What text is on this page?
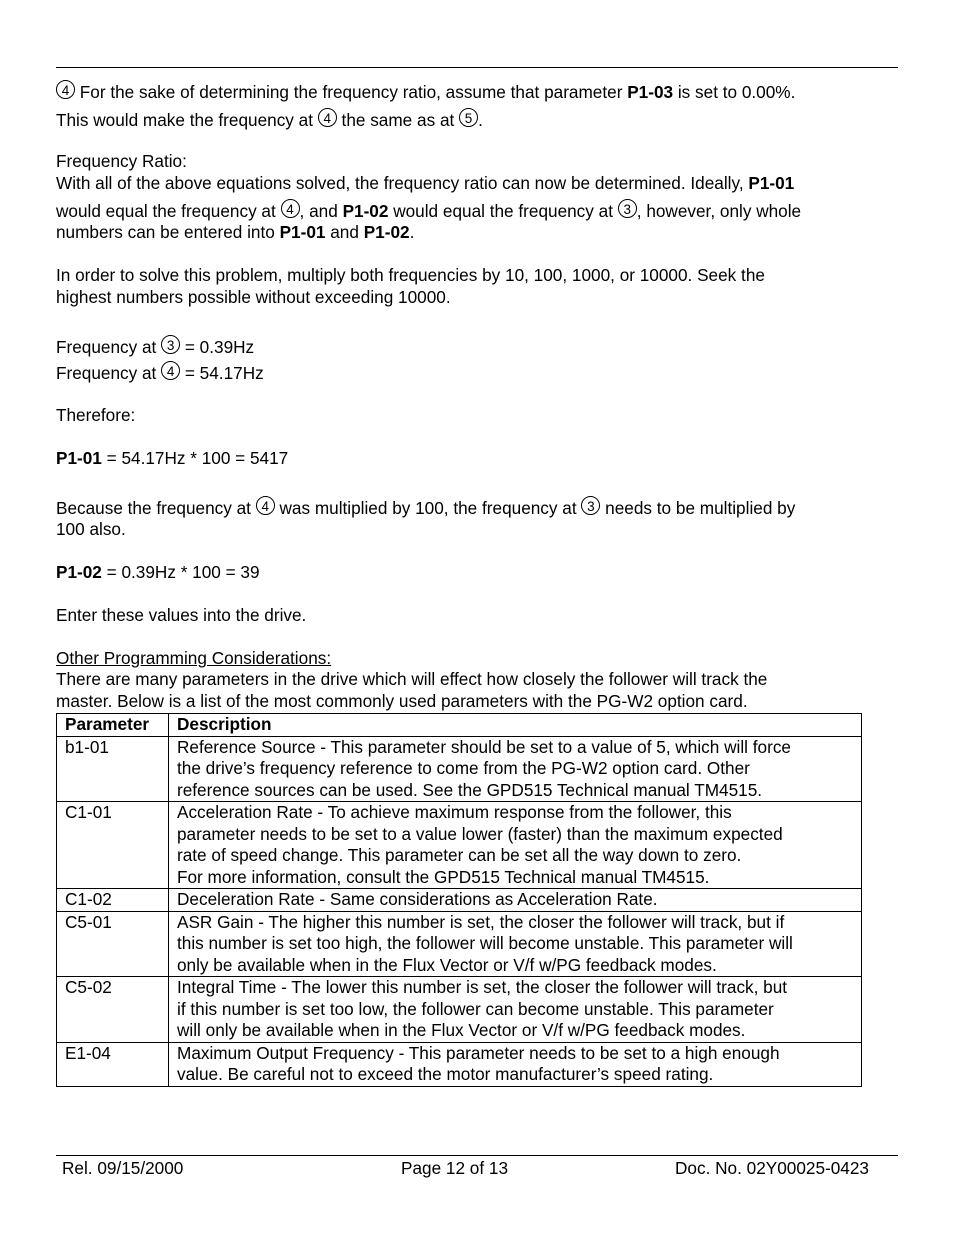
4 For the sake of determining the frequency ratio, assume that parameter P1-03 is set to 0.00%.
This would make the frequency at 4 the same as at 5 .
Frequency Ratio:
With all of the above equations solved, the frequency ratio can now be determined. Ideally, P1-01
would equal the frequency at 4 , and P1-02 would equal the frequency at 3 , however, only whole
numbers can be entered into P1-01 and P1-02.
In order to solve this problem, multiply both frequencies by 10, 100, 1000, or 10000. Seek the
highest numbers possible without exceeding 10000.
Frequency at 3 = 0.39Hz
Frequency at 4 = 54.17Hz
Therefore:
P1-01 = 54.17Hz * 100 = 5417
Because the frequency at 4 was multiplied by 100, the frequency at 3 needs to be multiplied by
100 also.
P1-02 = 0.39Hz * 100 = 39
Enter these values into the drive.
Other Programming Considerations:
There are many parameters in the drive which will effect how closely the follower will track the
master. Below is a list of the most commonly used parameters with the PG-W2 option card.
Parameter	Description
b1-01	Reference Source - This parameter should be set to a value of 5, which will force
the drive’s frequency reference to come from the PG-W2 option card. Other
reference sources can be used. See the GPD515 Technical manual TM4515.

C1-01	Acceleration Rate - To achieve maximum response from the follower, this
parameter needs to be set to a value lower (faster) than the maximum expected
rate of speed change. This parameter can be set all the way down to zero.
For more information, consult the GPD515 Technical manual TM4515.

C1-02	Deceleration Rate - Same considerations as Acceleration Rate.

C5-01	ASR Gain - The higher this number is set, the closer the follower will track, but if
this number is set too high, the follower will become unstable. This parameter will
only be available when in the Flux Vector or V/f w/PG feedback modes.

C5-02	Integral Time - The lower this number is set, the closer the follower will track, but
if this number is set too low, the follower can become unstable. This parameter
will only be available when in the Flux Vector or V/f w/PG feedback modes.

E1-04	Maximum Output Frequency - This parameter needs to be set to a high enough
value. Be careful not to exceed the motor manufacturer’s speed rating.
Rel. 09/15/2000	Page 12 of 13	Doc. No. 02Y00025-0423
